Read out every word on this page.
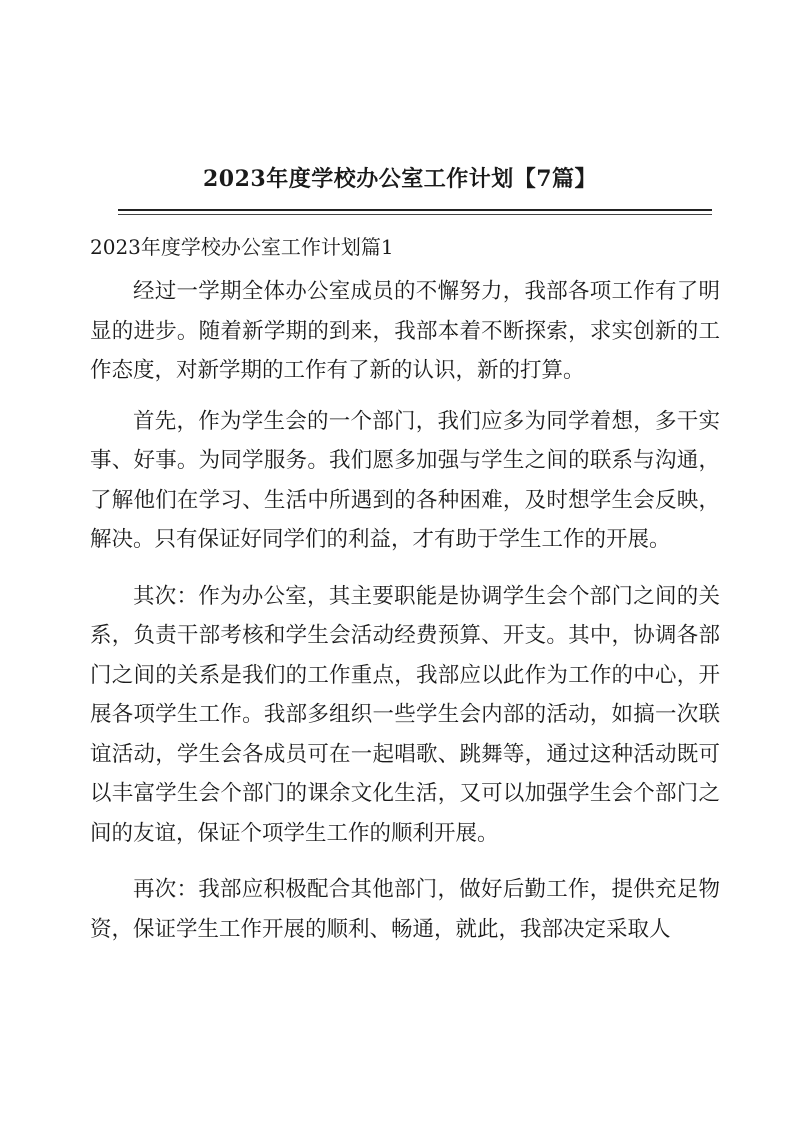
2023年度学校办公室工作计划【7篇】

2023年度学校办公室工作计划篇1

经过一学期全体办公室成员的不懈努力，我部各项工作有了明显的进步。随着新学期的到来，我部本着不断探索，求实创新的工作态度，对新学期的工作有了新的认识，新的打算。

首先，作为学生会的一个部门，我们应多为同学着想，多干实事、好事。为同学服务。我们愿多加强与学生之间的联系与沟通，了解他们在学习、生活中所遇到的各种困难，及时想学生会反映，解决。只有保证好同学们的利益，才有助于学生工作的开展。

其次：作为办公室，其主要职能是协调学生会个部门之间的关系，负责干部考核和学生会活动经费预算、开支。其中，协调各部门之间的关系是我们的工作重点，我部应以此作为工作的中心，开展各项学生工作。我部多组织一些学生会内部的活动，如搞一次联谊活动，学生会各成员可在一起唱歌、跳舞等，通过这种活动既可以丰富学生会个部门的课余文化生活，又可以加强学生会个部门之间的友谊，保证个项学生工作的顺利开展。

再次：我部应积极配合其他部门，做好后勤工作，提供充足物资，保证学生工作开展的顺利、畅通，就此，我部决定采取人
